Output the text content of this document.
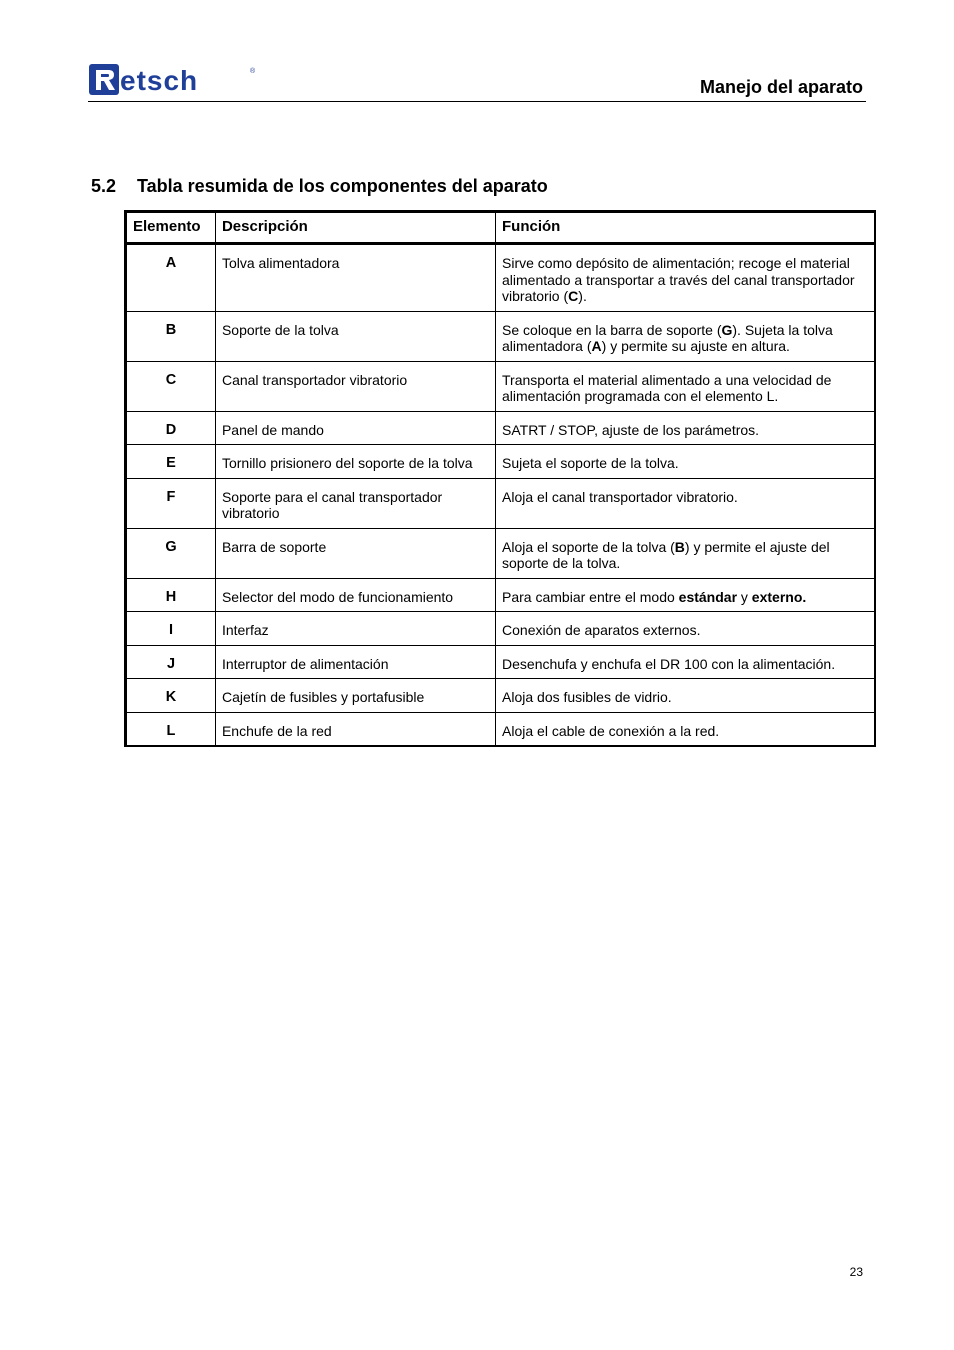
etsch	®
Manejo del aparato
5.2 Tabla resumida de los componentes del aparato
Elemento	Descripción	Función
A	Tolva alimentadora	Sirve como depósito de alimentación; recoge el material alimentado a transportar a través del canal transportador vibratorio (C).
B	Soporte de la tolva	Se coloque en la barra de soporte (G). Sujeta la tolva alimentadora (A) y permite su ajuste en altura.
C	Canal transportador vibratorio	Transporta el material alimentado a una velocidad de alimentación programada con el elemento L.
D	Panel de mando	SATRT / STOP, ajuste de los parámetros.
E	Tornillo prisionero del soporte de la tolva	Sujeta el soporte de la tolva.
F	Soporte para el canal transportador vibratorio	Aloja el canal transportador vibratorio.
G	Barra de soporte	Aloja el soporte de la tolva (B) y permite el ajuste del soporte de la tolva.
H	Selector del modo de funcionamiento	Para cambiar entre el modo estándar y externo.
I	Interfaz	Conexión de aparatos externos.
J	Interruptor de alimentación	Desenchufa y enchufa el DR 100 con la alimentación.
K	Cajetín de fusibles y portafusible	Aloja dos fusibles de vidrio.
L	Enchufe de la red	Aloja el cable de conexión a la red.
23
